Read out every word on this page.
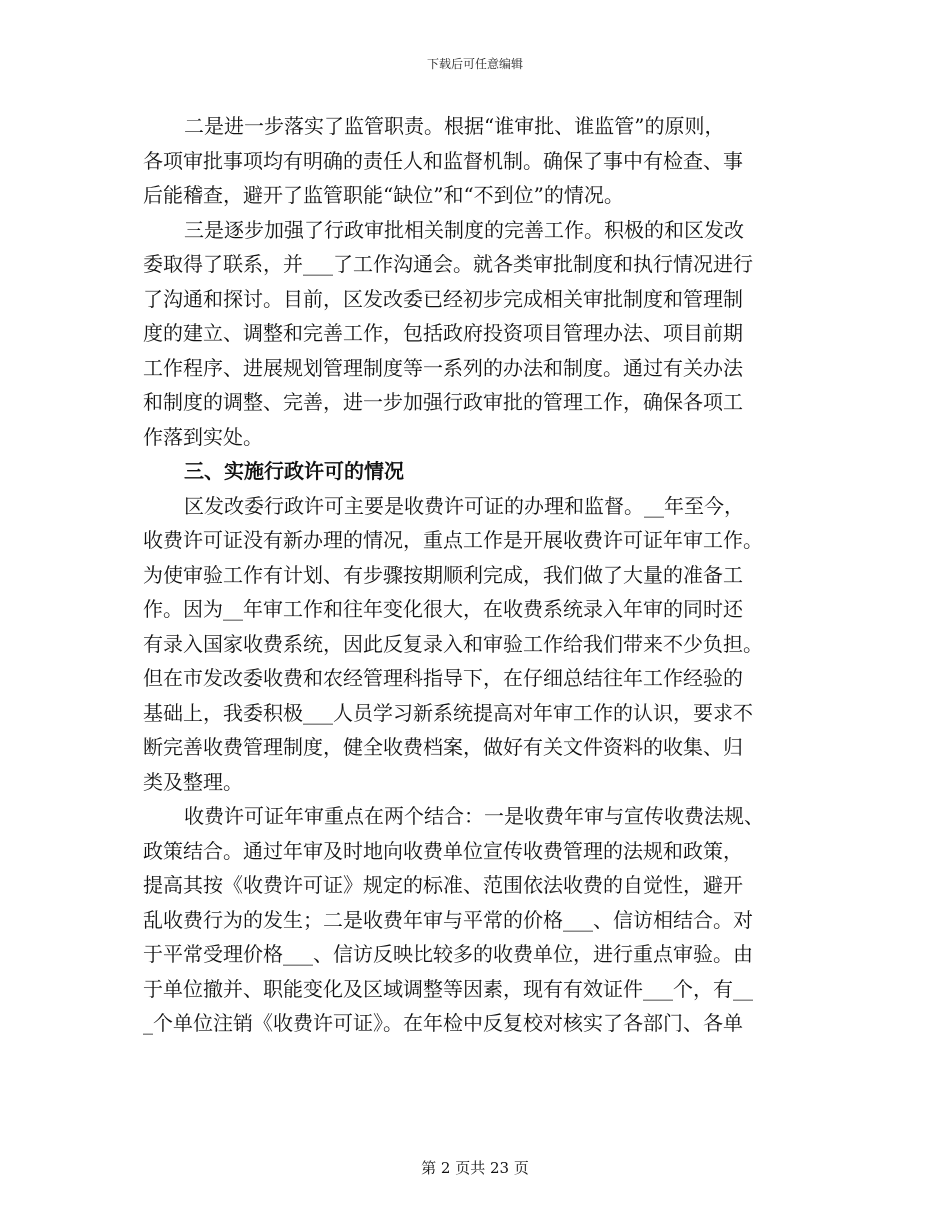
下载后可任意编辑
二是进一步落实了监管职责。根据“谁审批、谁监管”的原则，
各项审批事项均有明确的责任人和监督机制。确保了事中有检查、事
后能稽查，避开了监管职能“缺位”和“不到位”的情况。
三是逐步加强了行政审批相关制度的完善工作。积极的和区发改
委取得了联系，并___了工作沟通会。就各类审批制度和执行情况进行
了沟通和探讨。目前，区发改委已经初步完成相关审批制度和管理制
度的建立、调整和完善工作，包括政府投资项目管理办法、项目前期
工作程序、进展规划管理制度等一系列的办法和制度。通过有关办法
和制度的调整、完善，进一步加强行政审批的管理工作，确保各项工
作落到实处。
三、实施行政许可的情况
区发改委行政许可主要是收费许可证的办理和监督。__年至今，
收费许可证没有新办理的情况，重点工作是开展收费许可证年审工作。
为使审验工作有计划、有步骤按期顺利完成，我们做了大量的准备工
作。因为__年审工作和往年变化很大，在收费系统录入年审的同时还
有录入国家收费系统，因此反复录入和审验工作给我们带来不少负担。
但在市发改委收费和农经管理科指导下，在仔细总结往年工作经验的
基础上，我委积极___人员学习新系统提高对年审工作的认识，要求不
断完善收费管理制度，健全收费档案，做好有关文件资料的收集、归
类及整理。
收费许可证年审重点在两个结合：一是收费年审与宣传收费法规、
政策结合。通过年审及时地向收费单位宣传收费管理的法规和政策，
提高其按《收费许可证》规定的标准、范围依法收费的自觉性，避开
乱收费行为的发生；二是收费年审与平常的价格___、信访相结合。对
于平常受理价格___、信访反映比较多的收费单位，进行重点审验。由
于单位撤并、职能变化及区域调整等因素，现有有效证件___个，有__
_个单位注销《收费许可证》。在年检中反复校对核实了各部门、各单
第 2 页共 23 页
